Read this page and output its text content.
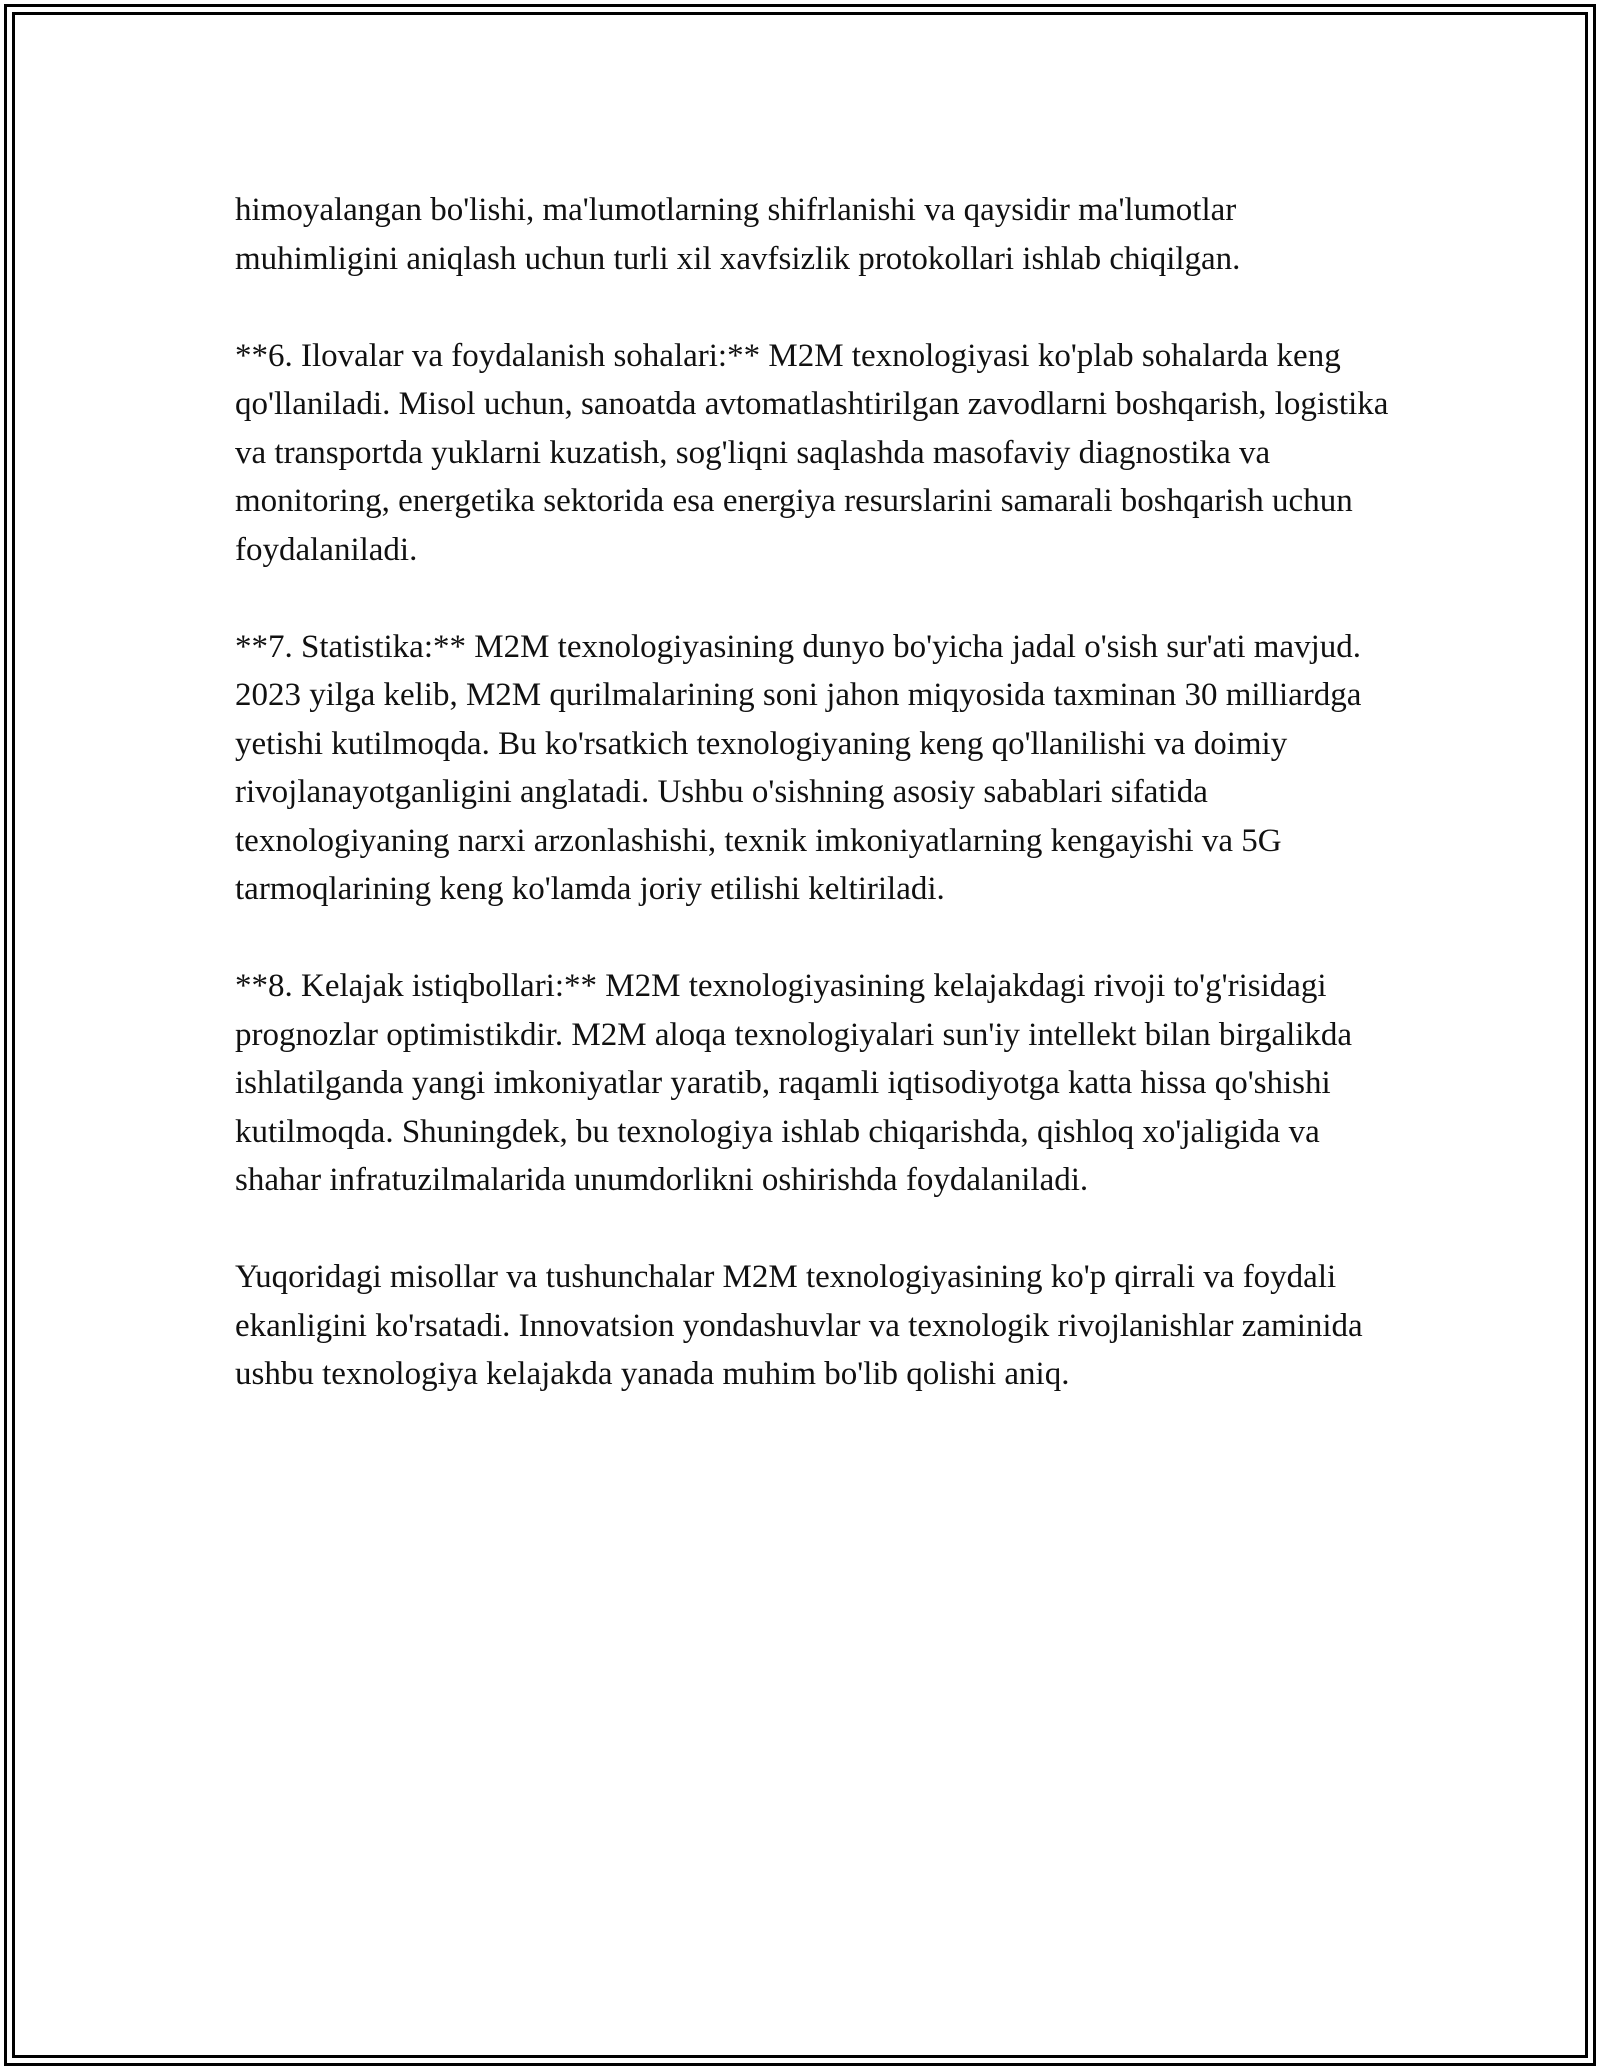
himoyalangan bo'lishi, ma'lumotlarning shifrlanishi va qaysidir ma'lumotlar muhimligini aniqlash uchun turli xil xavfsizlik protokollari ishlab chiqilgan.

**6. Ilovalar va foydalanish sohalari:** M2M texnologiyasi ko'plab sohalarda keng qo'llaniladi. Misol uchun, sanoatda avtomatlashtirilgan zavodlarni boshqarish, logistika va transportda yuklarni kuzatish, sog'liqni saqlashda masofaviy diagnostika va monitoring, energetika sektorida esa energiya resurslarini samarali boshqarish uchun foydalaniladi.

**7. Statistika:** M2M texnologiyasining dunyo bo'yicha jadal o'sish sur'ati mavjud. 2023 yilga kelib, M2M qurilmalarining soni jahon miqyosida taxminan 30 milliardga yetishi kutilmoqda. Bu ko'rsatkich texnologiyaning keng qo'llanilishi va doimiy rivojlanayotganligini anglatadi. Ushbu o'sishning asosiy sabablari sifatida texnologiyaning narxi arzonlashishi, texnik imkoniyatlarning kengayishi va 5G tarmoqlarining keng ko'lamda joriy etilishi keltiriladi.

**8. Kelajak istiqbollari:** M2M texnologiyasining kelajakdagi rivoji to'g'risidagi prognozlar optimistikdir. M2M aloqa texnologiyalari sun'iy intellekt bilan birgalikda ishlatilganda yangi imkoniyatlar yaratib, raqamli iqtisodiyotga katta hissa qo'shishi kutilmoqda. Shuningdek, bu texnologiya ishlab chiqarishda, qishloq xo'jaligida va shahar infratuzilmalarida unumdorlikni oshirishda foydalaniladi.

Yuqoridagi misollar va tushunchalar M2M texnologiyasining ko'p qirrali va foydali ekanligini ko'rsatadi. Innovatsion yondashuvlar va texnologik rivojlanishlar zaminida ushbu texnologiya kelajakda yanada muhim bo'lib qolishi aniq.
